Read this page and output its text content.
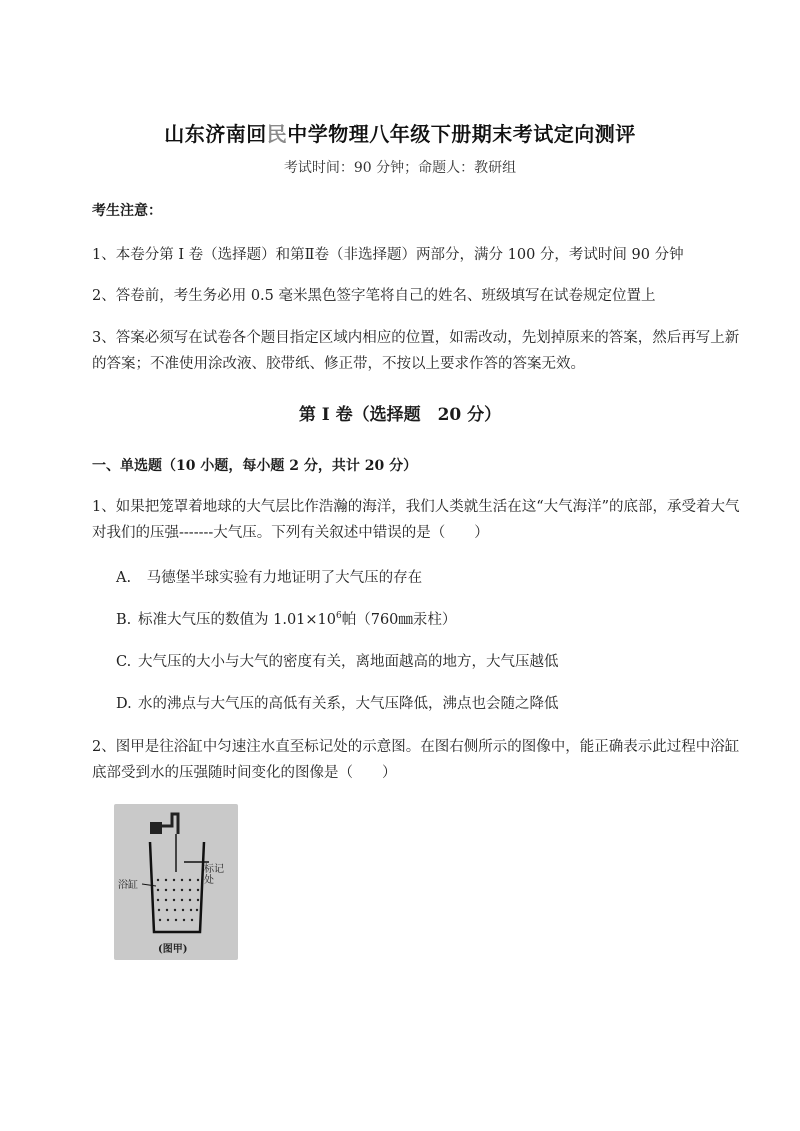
山东济南回民中学物理八年级下册期末考试定向测评
考试时间：90 分钟；命题人：教研组
考生注意：
1、本卷分第 I 卷（选择题）和第Ⅱ卷（非选择题）两部分，满分 100 分，考试时间 90 分钟
2、答卷前，考生务必用 0.5 毫米黑色签字笔将自己的姓名、班级填写在试卷规定位置上
3、答案必须写在试卷各个题目指定区域内相应的位置，如需改动，先划掉原来的答案，然后再写上新的答案；不准使用涂改液、胶带纸、修正带，不按以上要求作答的答案无效。
第 I 卷（选择题　20 分）
一、单选题（10 小题，每小题 2 分，共计 20 分）
1、如果把笼罩着地球的大气层比作浩瀚的海洋，我们人类就生活在这“大气海洋”的底部，承受着大气对我们的压强-------大气压。下列有关叙述中错误的是（　　）
A. 马德堡半球实验有力地证明了大气压的存在
B. 标准大气压的数值为 $1.01\times 10^6$帕（760㎜汞柱）
C. 大气压的大小与大气的密度有关，离地面越高的地方，大气压越低
D. 水的沸点与大气压的高低有关系，大气压降低，沸点也会随之降低
2、图甲是往浴缸中匀速注水直至标记处的示意图。在图右侧所示的图像中，能正确表示此过程中浴缸底部受到水的压强随时间变化的图像是（　　）
浴缸
标记处
(图甲)
